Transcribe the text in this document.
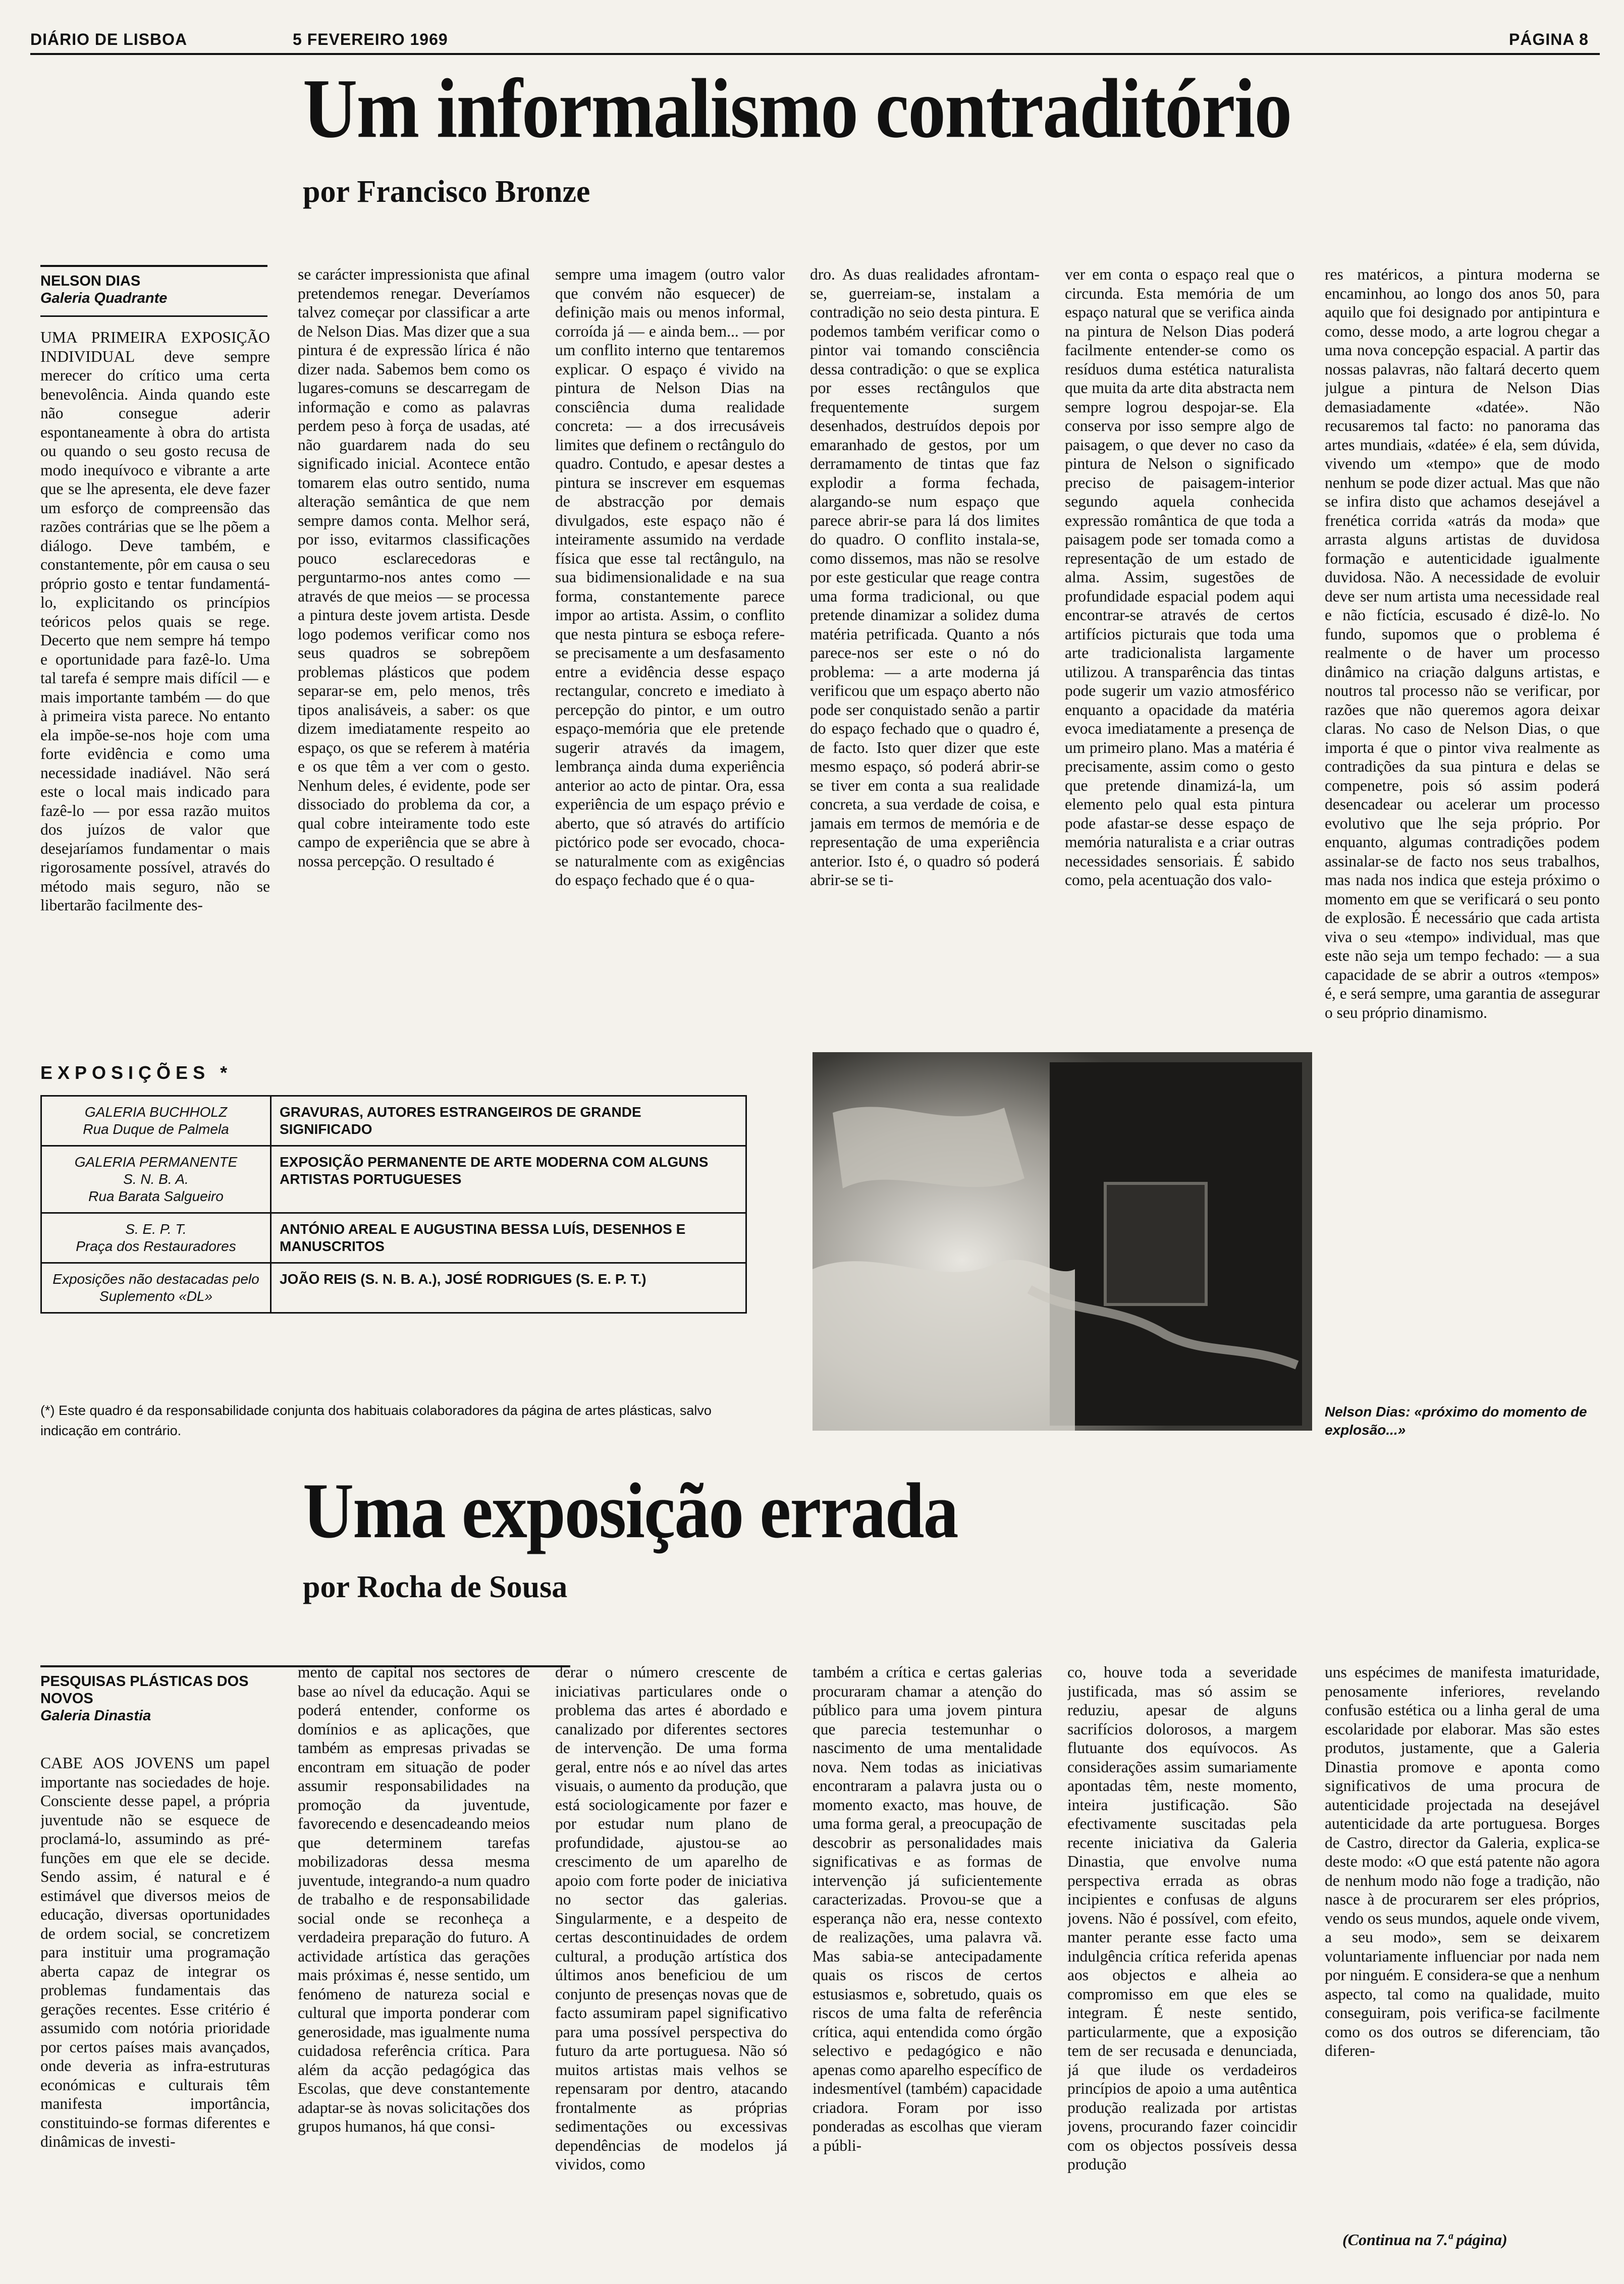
DIÁRIO DE LISBOA	5 FEVEREIRO 1969	PÁGINA 8
Um informalismo contraditório
por Francisco Bronze
NELSON DIAS
Galeria Quadrante

UMA PRIMEIRA EXPOSIÇÃO INDIVIDUAL deve sempre merecer do crítico uma certa benevolência. Ainda quando este não consegue aderir espontaneamente à obra do artista ou quando o seu gosto recusa de modo inequívoco e vibrante a arte que se lhe apresenta, ele deve fazer um esforço de compreensão das razões contrárias que se lhe põem a diálogo. Deve também, e constantemente, pôr em causa o seu próprio gosto e tentar fundamentá-lo, explicitando os princípios teóricos pelos quais se rege. Decerto que nem sempre há tempo e oportunidade para fazê-lo. Uma tal tarefa é sempre mais difícil — e mais importante também — do que à primeira vista parece. No entanto ela impõe-se-nos hoje com uma forte evidência e como uma necessidade inadiável. Não será este o local mais indicado para fazê-lo — por essa razão muitos dos juízos de valor que desejaríamos fundamentar o mais rigorosamente possível, através do método mais seguro, não se libertarão facilmente des-

se carácter impressionista que afinal pretendemos renegar. Deveríamos talvez começar por classificar a arte de Nelson Dias. Mas dizer que a sua pintura é de expressão lírica é não dizer nada. Sabemos bem como os lugares-comuns se descarregam de informação e como as palavras perdem peso à força de usadas, até não guardarem nada do seu significado inicial. Acontece então tomarem elas outro sentido, numa alteração semântica de que nem sempre damos conta. Melhor será, por isso, evitarmos classificações pouco esclarecedoras e perguntarmo-nos antes como — através de que meios — se processa a pintura deste jovem artista. Desde logo podemos verificar como nos seus quadros se sobrepõem problemas plásticos que podem separar-se em, pelo menos, três tipos analisáveis, a saber: os que dizem imediatamente respeito ao espaço, os que se referem à matéria e os que têm a ver com o gesto. Nenhum deles, é evidente, pode ser dissociado do problema da cor, a qual cobre inteiramente todo este campo de experiência que se abre à nossa percepção. O resultado é

sempre uma imagem (outro valor que convém não esquecer) de definição mais ou menos informal, corroída já — e ainda bem... — por um conflito interno que tentaremos explicar. O espaço é vivido na pintura de Nelson Dias na consciência duma realidade concreta: — a dos irrecusáveis limites que definem o rectângulo do quadro. Contudo, e apesar destes a pintura se inscrever em esquemas de abstracção por demais divulgados, este espaço não é inteiramente assumido na verdade física que esse tal rectângulo, na sua bidimensionalidade e na sua forma, constantemente parece impor ao artista. Assim, o conflito que nesta pintura se esboça refere-se precisamente a um desfasamento entre a evidência desse espaço rectangular, concreto e imediato à percepção do pintor, e um outro espaço-memória que ele pretende sugerir através da imagem, lembrança ainda duma experiência anterior ao acto de pintar. Ora, essa experiência de um espaço prévio e aberto, que só através do artifício pictórico pode ser evocado, choca-se naturalmente com as exigências do espaço fechado que é o qua-

dro. As duas realidades afrontam-se, guerreiam-se, instalam a contradição no seio desta pintura. E podemos também verificar como o pintor vai tomando consciência dessa contradição: o que se explica por esses rectângulos que frequentemente surgem desenhados, destruídos depois por emaranhado de gestos, por um derramamento de tintas que faz explodir a forma fechada, alargando-se num espaço que parece abrir-se para lá dos limites do quadro. O conflito instala-se, como dissemos, mas não se resolve por este gesticular que reage contra uma forma tradicional, ou que pretende dinamizar a solidez duma matéria petrificada. Quanto a nós parece-nos ser este o nó do problema: — a arte moderna já verificou que um espaço aberto não pode ser conquistado senão a partir do espaço fechado que o quadro é, de facto. Isto quer dizer que este mesmo espaço, só poderá abrir-se se tiver em conta a sua realidade concreta, a sua verdade de coisa, e jamais em termos de memória e de representação de uma experiência anterior. Isto é, o quadro só poderá abrir-se se ti-

ver em conta o espaço real que o circunda. Esta memória de um espaço natural que se verifica ainda na pintura de Nelson Dias poderá facilmente entender-se como os resíduos duma estética naturalista que muita da arte dita abstracta nem sempre logrou despojar-se. Ela conserva por isso sempre algo de paisagem, o que dever no caso da pintura de Nelson o significado preciso de paisagem-interior segundo aquela conhecida expressão romântica de que toda a paisagem pode ser tomada como a representação de um estado de alma. Assim, sugestões de profundidade espacial podem aqui encontrar-se através de certos artifícios picturais que toda uma arte tradicionalista largamente utilizou. A transparência das tintas pode sugerir um vazio atmosférico enquanto a opacidade da matéria evoca imediatamente a presença de um primeiro plano. Mas a matéria é precisamente, assim como o gesto que pretende dinamizá-la, um elemento pelo qual esta pintura pode afastar-se desse espaço de memória naturalista e a criar outras necessidades sensoriais. É sabido como, pela acentuação dos valo-

res matéricos, a pintura moderna se encaminhou, ao longo dos anos 50, para aquilo que foi designado por antipintura e como, desse modo, a arte logrou chegar a uma nova concepção espacial. A partir das nossas palavras, não faltará decerto quem julgue a pintura de Nelson Dias demasiadamente «datée». Não recusaremos tal facto: no panorama das artes mundiais, «datée» é ela, sem dúvida, vivendo um «tempo» que de modo nenhum se pode dizer actual. Mas que não se infira disto que achamos desejável a frenética corrida «atrás da moda» que arrasta alguns artistas de duvidosa formação e autenticidade igualmente duvidosa. Não. A necessidade de evoluir deve ser num artista uma necessidade real e não fictícia, escusado é dizê-lo. No fundo, supomos que o problema é realmente o de haver um processo dinâmico na criação dalguns artistas, e noutros tal processo não se verificar, por razões que não queremos agora deixar claras. No caso de Nelson Dias, o que importa é que o pintor viva realmente as contradições da sua pintura e delas se compenetre, pois só assim poderá desencadear ou acelerar um processo evolutivo que lhe seja próprio. Por enquanto, algumas contradições podem assinalar-se de facto nos seus trabalhos, mas nada nos indica que esteja próximo o momento em que se verificará o seu ponto de explosão. É necessário que cada artista viva o seu «tempo» individual, mas que este não seja um tempo fechado: — a sua capacidade de se abrir a outros «tempos» é, e será sempre, uma garantia de assegurar o seu próprio dinamismo.

EXPOSIÇÕES *
GALERIA BUCHHOLZ
Rua Duque de Palmela	GRAVURAS, AUTORES ESTRANGEIROS DE GRANDE SIGNIFICADO

GALERIA PERMANENTE
S. N. B. A.
Rua Barata Salgueiro	EXPOSIÇÃO PERMANENTE DE ARTE MODERNA COM ALGUNS ARTISTAS PORTUGUESES

S. E. P. T.
Praça dos Restauradores	ANTÓNIO AREAL E AUGUSTINA BESSA LUÍS, DESENHOS E MANUSCRITOS

Exposições não destacadas pelo Suplemento «DL»	JOÃO REIS (S. N. B. A.), JOSÉ RODRIGUES (S. E. P. T.)
(*) Este quadro é da responsabilidade conjunta dos habituais colaboradores da página de artes plásticas, salvo indicação em contrário.
Nelson Dias: «próximo do momento de explosão...»
Uma exposição errada
por Rocha de Sousa
PESQUISAS PLÁSTICAS DOS NOVOS
Galeria Dinastia

CABE AOS JOVENS um papel importante nas sociedades de hoje. Consciente desse papel, a própria juventude não se esquece de proclamá-lo, assumindo as pré-funções em que ele se decide. Sendo assim, é natural e é estimável que diversos meios de educação, diversas oportunidades de ordem social, se concretizem para instituir uma programação aberta capaz de integrar os problemas fundamentais das gerações recentes. Esse critério é assumido com notória prioridade por certos países mais avançados, onde deveria as infra-estruturas económicas e culturais têm manifesta importância, constituindo-se formas diferentes e dinâmicas de investi-

mento de capital nos sectores de base ao nível da educação. Aqui se poderá entender, conforme os domínios e as aplicações, que também as empresas privadas se encontram em situação de poder assumir responsabilidades na promoção da juventude, favorecendo e desencadeando meios que determinem tarefas mobilizadoras dessa mesma juventude, integrando-a num quadro de trabalho e de responsabilidade social onde se reconheça a verdadeira preparação do futuro. A actividade artística das gerações mais próximas é, nesse sentido, um fenómeno de natureza social e cultural que importa ponderar com generosidade, mas igualmente numa cuidadosa referência crítica. Para além da acção pedagógica das Escolas, que deve constantemente adaptar-se às novas solicitações dos grupos humanos, há que consi-

derar o número crescente de iniciativas particulares onde o problema das artes é abordado e canalizado por diferentes sectores de intervenção. De uma forma geral, entre nós e ao nível das artes visuais, o aumento da produção, que está sociologicamente por fazer e por estudar num plano de profundidade, ajustou-se ao crescimento de um aparelho de apoio com forte poder de iniciativa no sector das galerias. Singularmente, e a despeito de certas descontinuidades de ordem cultural, a produção artística dos últimos anos beneficiou de um conjunto de presenças novas que de facto assumiram papel significativo para uma possível perspectiva do futuro da arte portuguesa. Não só muitos artistas mais velhos se repensaram por dentro, atacando frontalmente as próprias sedimentações ou excessivas dependências de modelos já vividos, como

também a crítica e certas galerias procuraram chamar a atenção do público para uma jovem pintura que parecia testemunhar o nascimento de uma mentalidade nova. Nem todas as iniciativas encontraram a palavra justa ou o momento exacto, mas houve, de uma forma geral, a preocupação de descobrir as personalidades mais significativas e as formas de intervenção já suficientemente caracterizadas. Provou-se que a esperança não era, nesse contexto de realizações, uma palavra vã. Mas sabia-se antecipadamente quais os riscos de certos estusiasmos e, sobretudo, quais os riscos de uma falta de referência crítica, aqui entendida como órgão selectivo e pedagógico e não apenas como aparelho específico de indesmentível (também) capacidade criadora. Foram por isso ponderadas as escolhas que vieram a públi-

co, houve toda a severidade justificada, mas só assim se reduziu, apesar de alguns sacrifícios dolorosos, a margem flutuante dos equívocos. As considerações assim sumariamente apontadas têm, neste momento, inteira justificação. São efectivamente suscitadas pela recente iniciativa da Galeria Dinastia, que envolve numa perspectiva errada as obras incipientes e confusas de alguns jovens. Não é possível, com efeito, manter perante esse facto uma indulgência crítica referida apenas aos objectos e alheia ao compromisso em que eles se integram. É neste sentido, particularmente, que a exposição tem de ser recusada e denunciada, já que ilude os verdadeiros princípios de apoio a uma autêntica produção realizada por artistas jovens, procurando fazer coincidir com os objectos possíveis dessa produção

uns espécimes de manifesta imaturidade, penosamente inferiores, revelando confusão estética ou a linha geral de uma escolaridade por elaborar. Mas são estes produtos, justamente, que a Galeria Dinastia promove e aponta como significativos de uma procura de autenticidade projectada na desejável autenticidade da arte portuguesa. Borges de Castro, director da Galeria, explica-se deste modo: «O que está patente não agora de nenhum modo não foge a tradição, não nasce à de procurarem ser eles próprios, vendo os seus mundos, aquele onde vivem, a seu modo», sem se deixarem voluntariamente influenciar por nada nem por ninguém. E considera-se que a nenhum aspecto, tal como na qualidade, muito conseguiram, pois verifica-se facilmente como os dos outros se diferenciam, tão diferen-

(Continua na 7.ª página)
